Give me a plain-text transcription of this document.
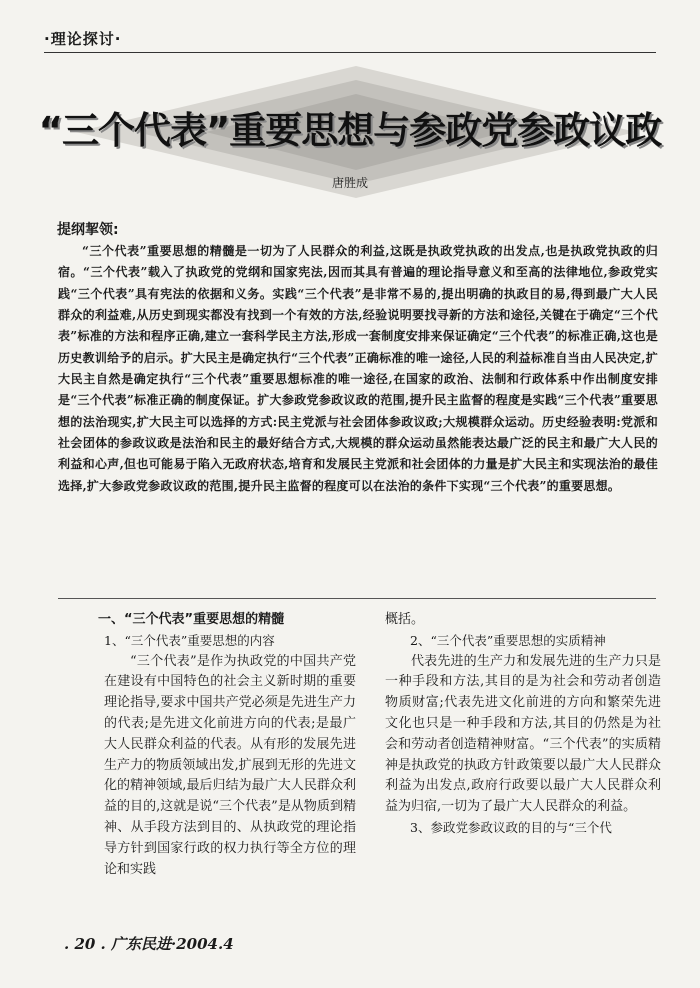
·理论探讨·
“三个代表”重要思想与参政党参政议政
唐胜成
提纲挈领:
“三个代表”重要思想的精髓是一切为了人民群众的利益,这既是执政党执政的出发点,也是执政党执政的归宿。“三个代表”载入了执政党的党纲和国家宪法,因而其具有普遍的理论指导意义和至高的法律地位,参政党实践“三个代表”具有宪法的依据和义务。实践“三个代表”是非常不易的,提出明确的执政目的易,得到最广大人民群众的利益难,从历史到现实都没有找到一个有效的方法,经验说明要找寻新的方法和途径,关键在于确定“三个代表”标准的方法和程序正确,建立一套科学民主方法,形成一套制度安排来保证确定“三个代表”的标准正确,这也是历史教训给予的启示。扩大民主是确定执行“三个代表”正确标准的唯一途径,人民的利益标准自当由人民决定,扩大民主自然是确定执行“三个代表”重要思想标准的唯一途径,在国家的政治、法制和行政体系中作出制度安排是“三个代表”标准正确的制度保证。扩大参政党参政议政的范围,提升民主监督的程度是实践“三个代表”重要思想的法治现实,扩大民主可以选择的方式:民主党派与社会团体参政议政;大规模群众运动。历史经验表明:党派和社会团体的参政议政是法治和民主的最好结合方式,大规模的群众运动虽然能表达最广泛的民主和最广大人民的利益和心声,但也可能易于陷入无政府状态,培育和发展民主党派和社会团体的力量是扩大民主和实现法治的最佳选择,扩大参政党参政议政的范围,提升民主监督的程度可以在法治的条件下实现“三个代表”的重要思想。

一、“三个代表”重要思想的精髓

1、“三个代表”重要思想的内容

“三个代表”是作为执政党的中国共产党在建设有中国特色的社会主义新时期的重要理论指导,要求中国共产党必须是先进生产力的代表;是先进文化前进方向的代表;是最广大人民群众利益的代表。从有形的发展先进生产力的物质领域出发,扩展到无形的先进文化的精神领域,最后归结为最广大人民群众利益的目的,这就是说“三个代表”是从物质到精神、从手段方法到目的、从执政党的理论指导方针到国家行政的权力执行等全方位的理论和实践

概括。

2、“三个代表”重要思想的实质精神

代表先进的生产力和发展先进的生产力只是一种手段和方法,其目的是为社会和劳动者创造物质财富;代表先进文化前进的方向和繁荣先进文化也只是一种手段和方法,其目的仍然是为社会和劳动者创造精神财富。“三个代表”的实质精神是执政党的执政方针政策要以最广大人民群众利益为出发点,政府行政要以最广大人民群众利益为归宿,一切为了最广大人民群众的利益。

3、参政党参政议政的目的与“三个代

. 20 . 广东民进·2004.4
